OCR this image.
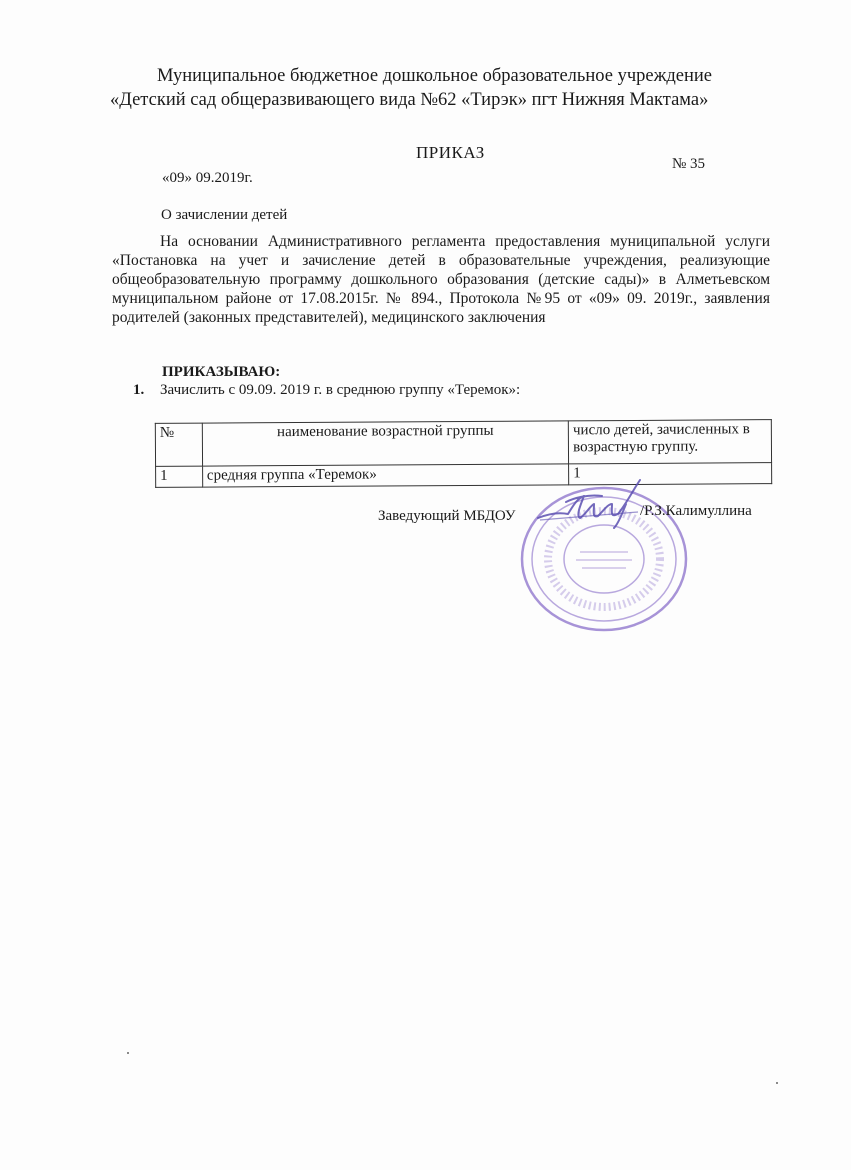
Муниципальное бюджетное дошкольное образовательное учреждение
«Детский сад общеразвивающего вида №62 «Тирэк» пгт Нижняя Мактама»
ПРИКАЗ
«09» 09.2019г.
№ 35
О зачислении детей
На основании Административного регламента предоставления муниципальной услуги «Постановка на учет и зачисление детей в образовательные учреждения, реализующие общеобразовательную программу дошкольного образования (детские сады)» в Алметьевском муниципальном районе от 17.08.2015г. № 894., Протокола №95 от «09» 09. 2019г., заявления родителей (законных представителей), медицинского заключения
ПРИКАЗЫВАЮ:
1. Зачислить с 09.09. 2019 г. в среднюю группу «Теремок»:
№	наименование возрастной группы	число детей, зачисленных в возрастную группу.
1	средняя группа «Теремок»	1
Заведующий МБДОУ	/Р.З.Калимуллина
